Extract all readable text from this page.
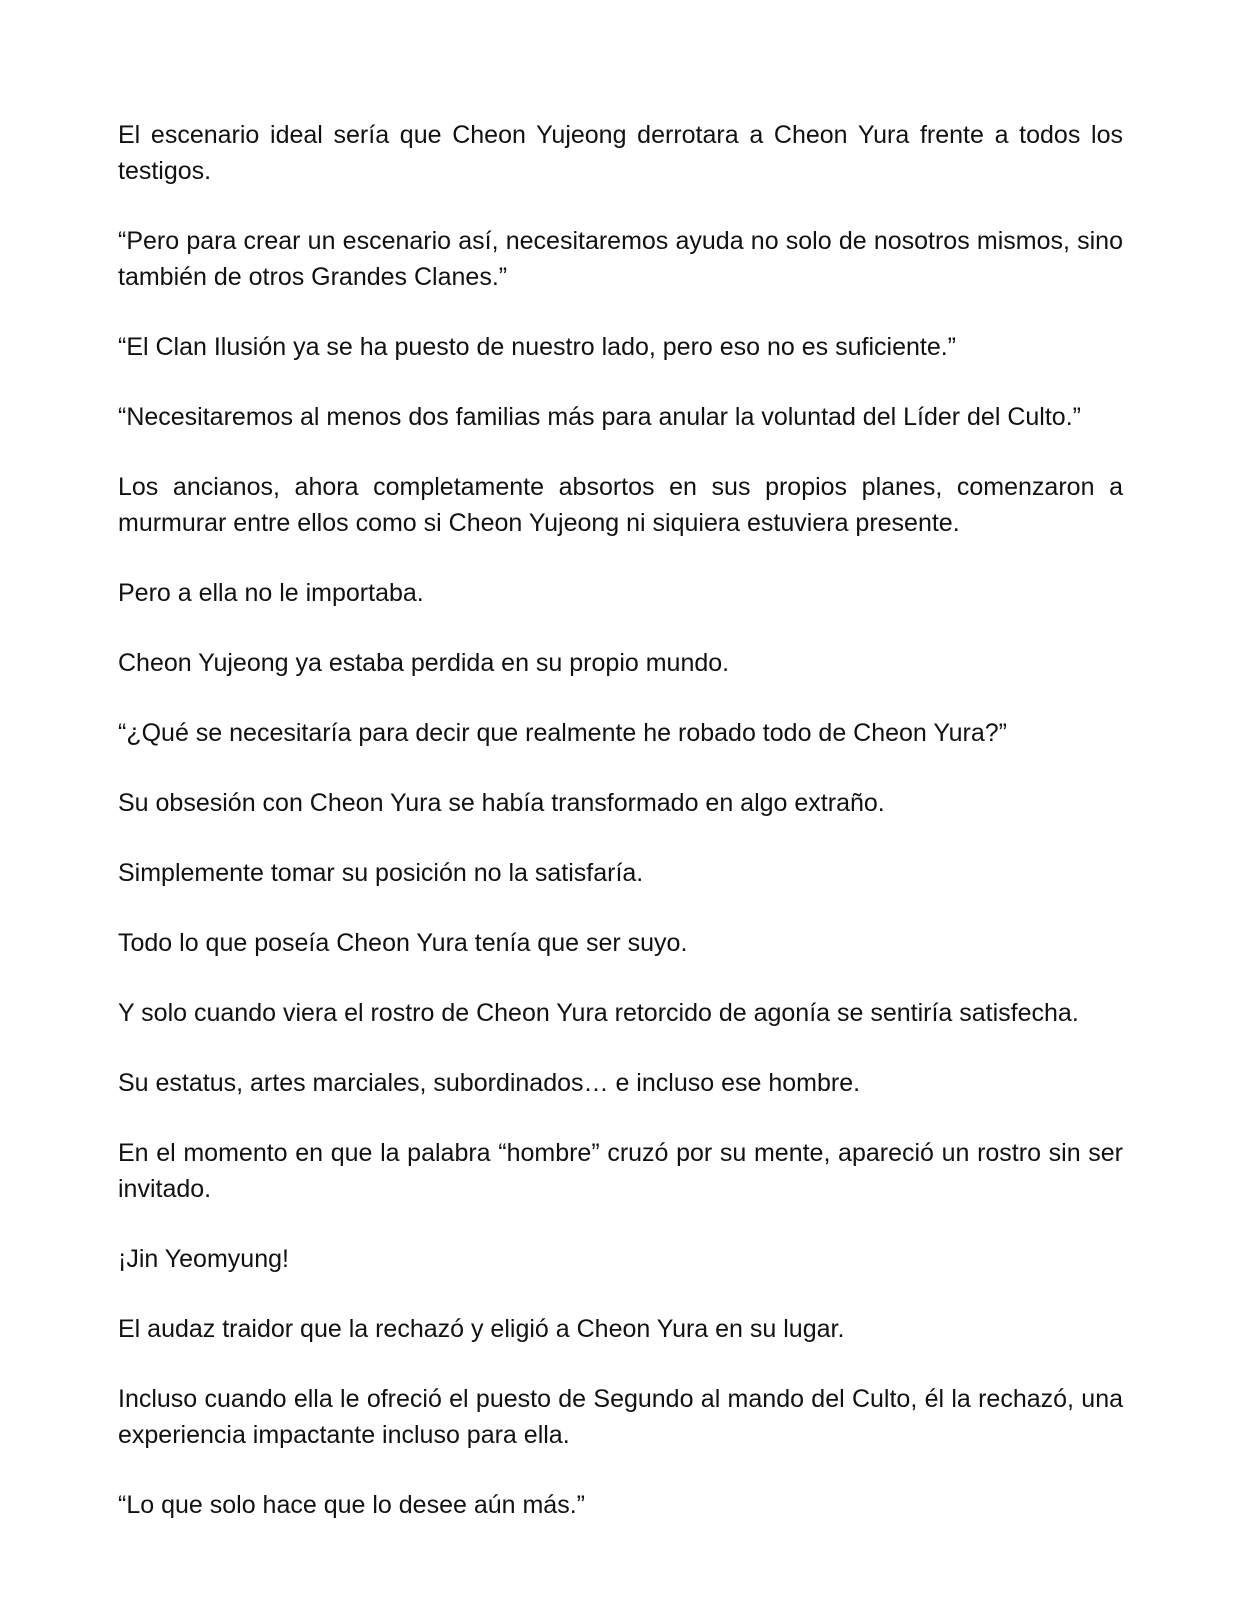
El escenario ideal sería que Cheon Yujeong derrotara a Cheon Yura frente a todos los testigos.

“Pero para crear un escenario así, necesitaremos ayuda no solo de nosotros mismos, sino también de otros Grandes Clanes.”

“El Clan Ilusión ya se ha puesto de nuestro lado, pero eso no es suficiente.”

“Necesitaremos al menos dos familias más para anular la voluntad del Líder del Culto.”

Los ancianos, ahora completamente absortos en sus propios planes, comenzaron a murmurar entre ellos como si Cheon Yujeong ni siquiera estuviera presente.

Pero a ella no le importaba.

Cheon Yujeong ya estaba perdida en su propio mundo.

“¿Qué se necesitaría para decir que realmente he robado todo de Cheon Yura?”

Su obsesión con Cheon Yura se había transformado en algo extraño.

Simplemente tomar su posición no la satisfaría.

Todo lo que poseía Cheon Yura tenía que ser suyo.

Y solo cuando viera el rostro de Cheon Yura retorcido de agonía se sentiría satisfecha.

Su estatus, artes marciales, subordinados… e incluso ese hombre.

En el momento en que la palabra “hombre” cruzó por su mente, apareció un rostro sin ser invitado.

¡Jin Yeomyung!

El audaz traidor que la rechazó y eligió a Cheon Yura en su lugar.

Incluso cuando ella le ofreció el puesto de Segundo al mando del Culto, él la rechazó, una experiencia impactante incluso para ella.

“Lo que solo hace que lo desee aún más.”
